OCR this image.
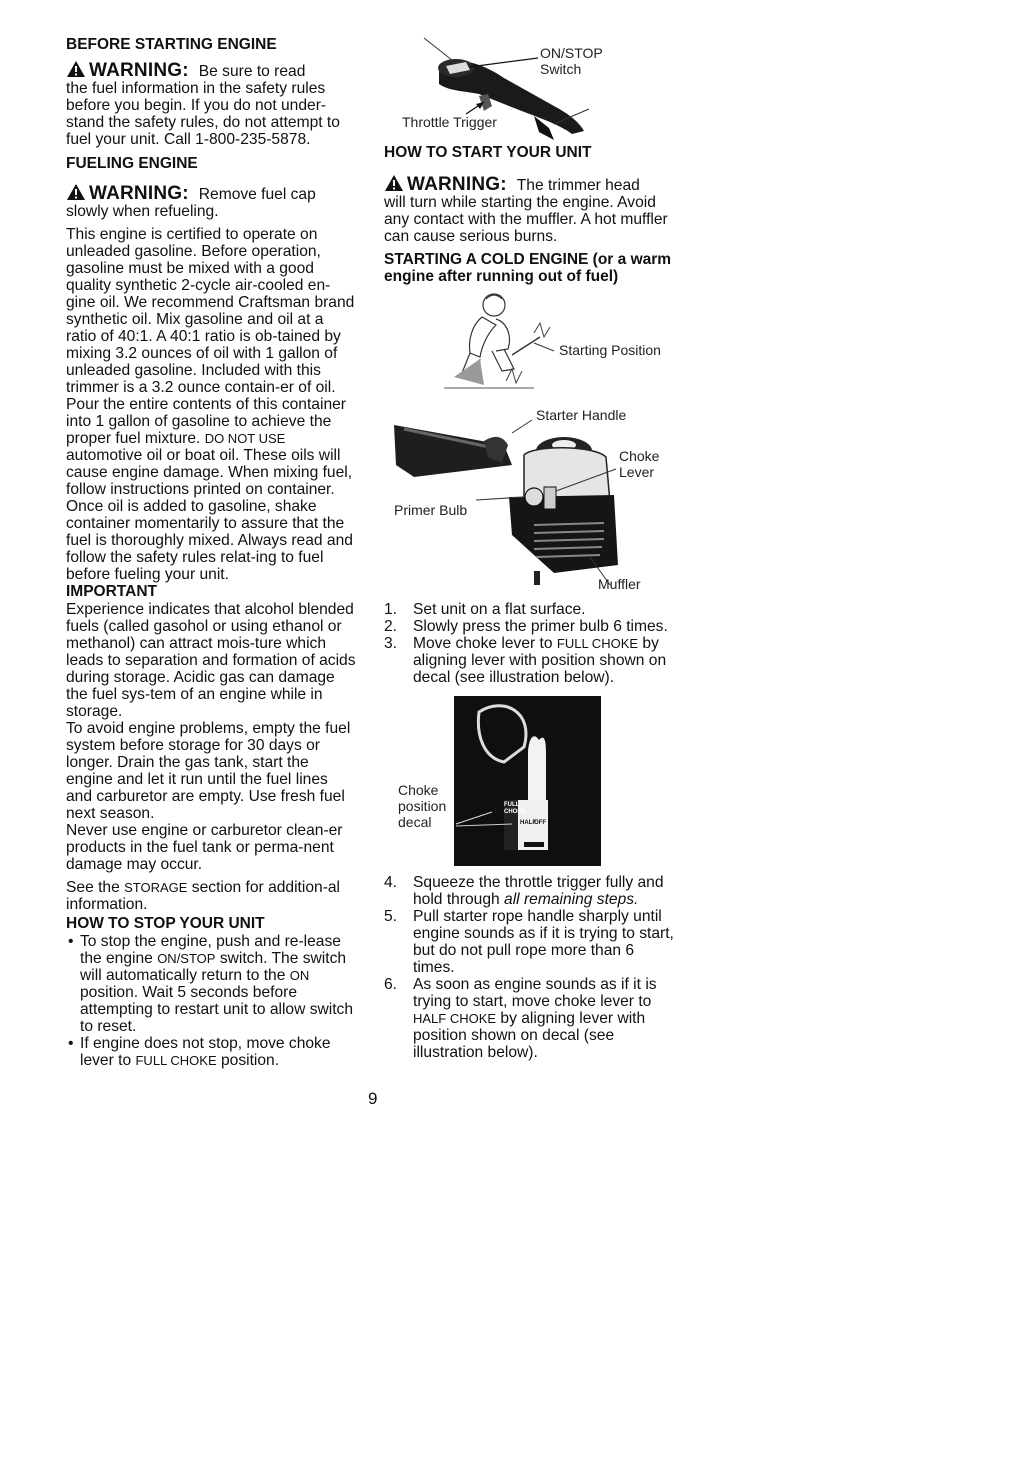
BEFORE STARTING ENGINE

WARNING: Be sure to read

the fuel information in the safety rules before you begin. If you do not under-stand the safety rules, do not attempt to fuel your unit. Call 1-800-235-5878.

FUELING ENGINE

WARNING: Remove fuel cap

slowly when refueling.

This engine is certified to operate on unleaded gasoline. Before operation, gasoline must be mixed with a good quality synthetic 2-cycle air-cooled en-gine oil. We recommend Craftsman brand synthetic oil. Mix gasoline and oil at a ratio of 40:1. A 40:1 ratio is ob-tained by mixing 3.2 ounces of oil with 1 gallon of unleaded gasoline. Included with this trimmer is a 3.2 ounce contain-er of oil. Pour the entire contents of this container into 1 gallon of gasoline to achieve the proper fuel mixture. DO NOT USE automotive oil or boat oil. These oils will cause engine damage. When mixing fuel, follow instructions printed on container.

Once oil is added to gasoline, shake container momentarily to assure that the fuel is thoroughly mixed. Always read and follow the safety rules relat-ing to fuel before fueling your unit.

IMPORTANT

Experience indicates that alcohol blended fuels (called gasohol or using ethanol or methanol) can attract mois-ture which leads to separation and formation of acids during storage. Acidic gas can damage the fuel sys-tem of an engine while in storage.

To avoid engine problems, empty the fuel system before storage for 30 days or longer. Drain the gas tank, start the engine and let it run until the fuel lines and carburetor are empty. Use fresh fuel next season.

Never use engine or carburetor clean-er products in the fuel tank or perma-nent damage may occur.

See the STORAGE section for addition-al information.

HOW TO STOP YOUR UNIT

• To stop the engine, push and re-lease the engine ON/STOP switch. The switch will automatically return to the ON position. Wait 5 seconds before attempting to restart unit to allow switch to reset.
• If engine does not stop, move choke lever to FULL CHOKE position.
ON/STOP
Switch
Throttle Trigger

HOW TO START YOUR UNIT

WARNING: The trimmer head

will turn while starting the engine. Avoid any contact with the muffler. A hot muffler can cause serious burns.

STARTING A COLD ENGINE (or a warm engine after running out of fuel)

Starting Position
Starter Handle
Choke
Lever
Primer Bulb
Muffler
1.	Set unit on a flat surface.
2.	Slowly press the primer bulb 6 times.
3.	Move choke lever to FULL CHOKE by aligning lever with position shown on decal (see illustration below).
Choke
position
decal
FULL
CHOKE
HALF
OFF
4.	Squeeze the throttle trigger fully and hold through all remaining steps.
5.	Pull starter rope handle sharply until engine sounds as if it is trying to start, but do not pull rope more than 6 times.
6.	As soon as engine sounds as if it is trying to start, move choke lever to HALF CHOKE by aligning lever with position shown on decal (see illustration below).
9
